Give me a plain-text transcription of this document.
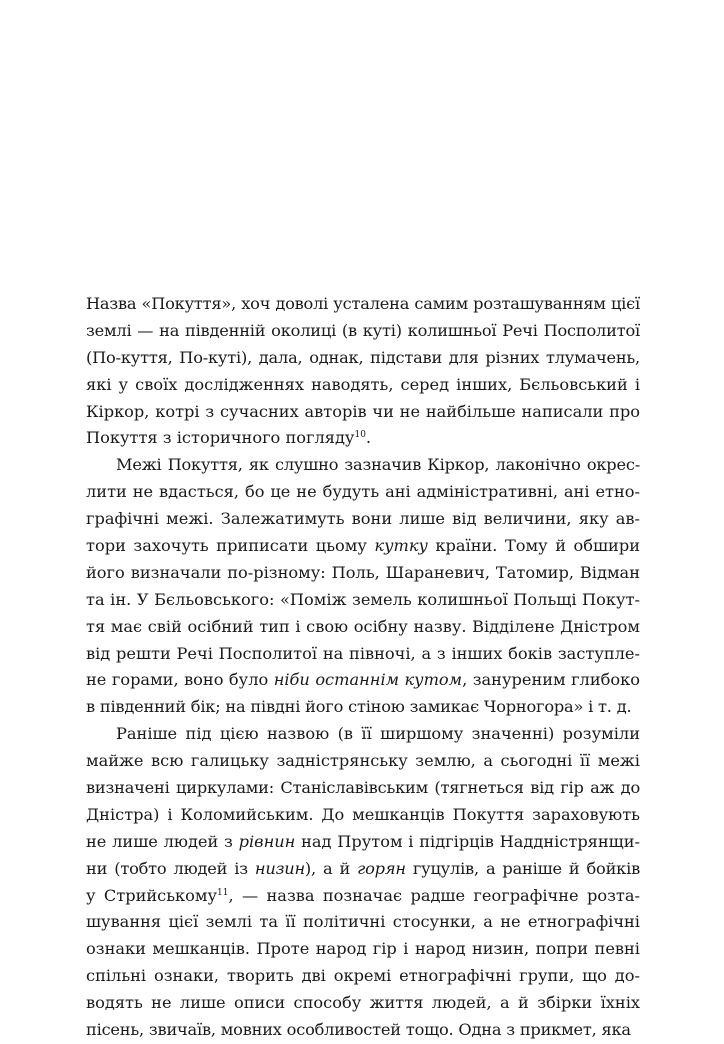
Назва «Покуття», хоч доволі усталена самим розташуванням цієї
землі — на південній околиці (в куті) колишньої Речі Посполитої
(По-куття, По-куті), дала, однак, підстави для різних тлумачень,
які у своїх дослідженнях наводять, серед інших, Бєльовський і
Кіркор, котрі з сучасних авторів чи не найбільше написали про
Покуття з історичного погляду$^{10}$.
Межі Покуття, як слушно зазначив Кіркор, лаконічно окрес-
лити не вдасться, бо це не будуть ані адміністративні, ані етно-
графічні межі. Залежатимуть вони лише від величини, яку ав-
тори захочуть приписати цьому кутку країни. Тому й обшири
його визначали по-різному: Поль, Шараневич, Татомир, Відман
та ін. У Бєльовського: «Поміж земель колишньої Польщі Покут-
тя має свій осібний тип і свою осібну назву. Відділене Дністром
від решти Речі Посполитої на півночі, а з інших боків заступле-
не горами, воно було ніби останнім кутом, зануреним глибоко
в південний бік; на півдні його стіною замикає Чорногора» і т. д.
Раніше під цією назвою (в її ширшому значенні) розуміли
майже всю галицьку задністрянську землю, а сьогодні її межі
визначені циркулами: Станіславівським (тягнеться від гір аж до
Дністра) і Коломийським. До мешканців Покуття зараховують
не лише людей з рівнин над Прутом і підгірців Наддністрянщи-
ни (тобто людей із низин), а й горян гуцулів, а раніше й бойків
у Стрийському$^{11}$, — назва позначає радше географічне розта-
шування цієї землі та її політичні стосунки, а не етнографічні
ознаки мешканців. Проте народ гір і народ низин, попри певні
спільні ознаки, творить дві окремі етнографічні групи, що до-
водять не лише описи способу життя людей, а й збірки їхніх
пісень, звичаїв, мовних особливостей тощо. Одна з прикмет, яка
